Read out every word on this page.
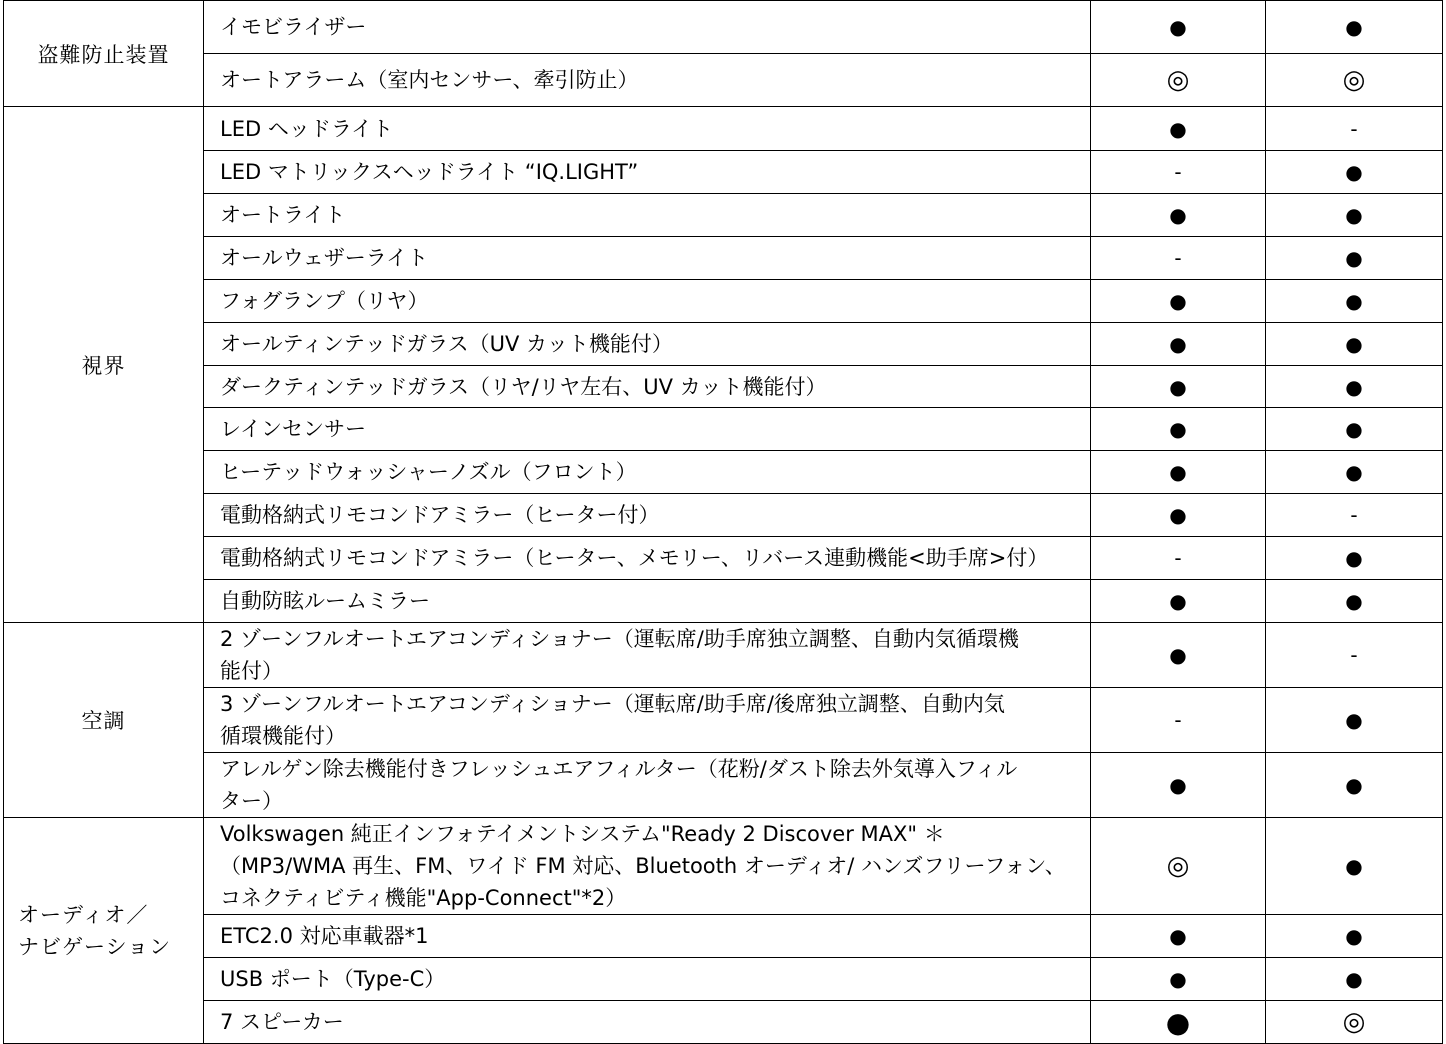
盗難防止装置	イモビライザー	●	●

	オートアラーム（室内センサー、牽引防止）	◎	◎
視界	LED ヘッドライト	●	-

	LED マトリックスヘッドライト “IQ.LIGHT”	-	●

	オートライト	●	●

	オールウェザーライト	-	●

	フォグランプ（リヤ）	●	●

	オールティンテッドガラス（UV カット機能付）	●	●

	ダークティンテッドガラス（リヤ/リヤ左右、UV カット機能付）	●	●

	レインセンサー	●	●

	ヒーテッドウォッシャーノズル（フロント）	●	●

	電動格納式リモコンドアミラー（ヒーター付）	●	-

	電動格納式リモコンドアミラー（ヒーター、メモリー、リバース連動機能<助手席>付）	-	●

	自動防眩ルームミラー	●	●
空調	2 ゾーンフルオートエアコンディショナー（運転席/助手席独立調整、自動内気循環機
能付）	●	-

	3 ゾーンフルオートエアコンディショナー（運転席/助手席/後席独立調整、自動内気
循環機能付）	-	●

	アレルゲン除去機能付きフレッシュエアフィルター（花粉/ダスト除去外気導入フィル
ター）	●	●
オーディオ／
ナビゲーション	Volkswagen 純正インフォテイメントシステム"Ready 2 Discover MAX" ＊
（MP3/WMA 再生、FM、ワイド FM 対応、Bluetooth オーディオ/ ハンズフリーフォン、
コネクティビティ機能"App-Connect"*2）	◎	●

	ETC2.0 対応車載器*1	●	●

	USB ポート（Type-C）	●	●

	7 スピーカー	●	◎
